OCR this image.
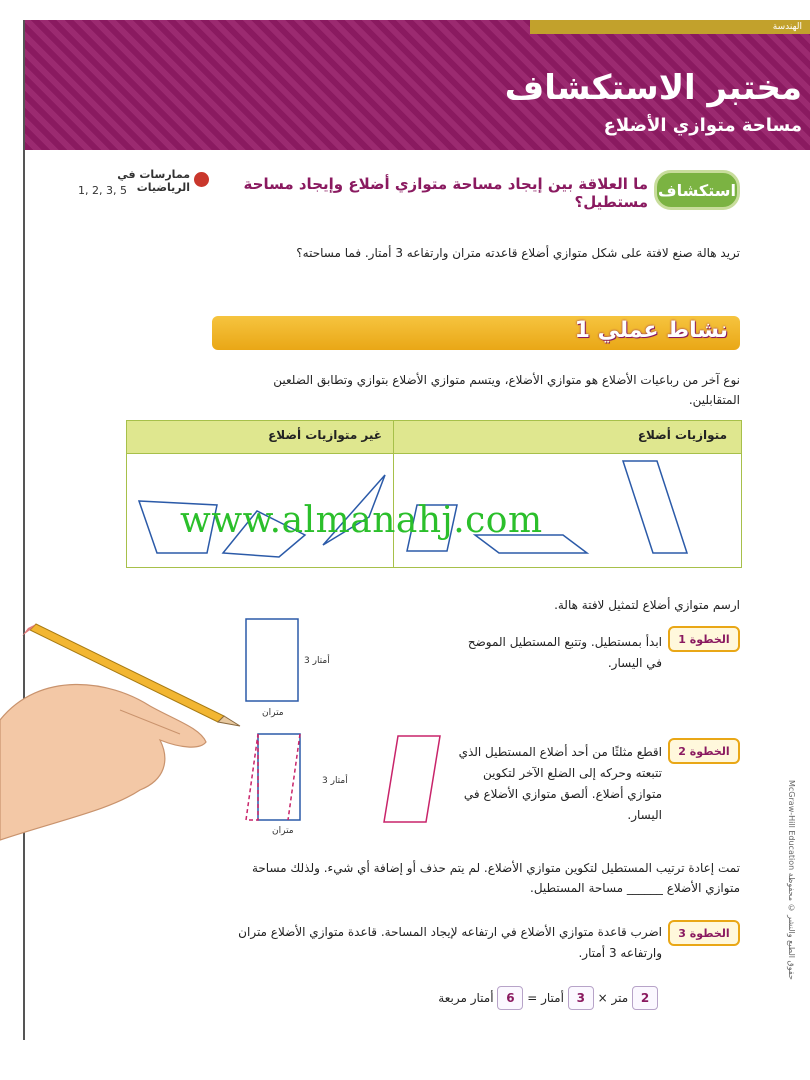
الهندسة
مختبر الاستكشاف
مساحة متوازي الأضلاع
استكشاف
ما العلاقة بين إيجاد مساحة متوازي أضلاع وإيجاد مساحة مستطيل؟
ممارسات في الرياضيات
1, 2, 3, 5
تريد هالة صنع لافتة على شكل متوازي أضلاع قاعدته متران وارتفاعه 3 أمتار. فما مساحته؟
نشاط عملي 1
نوع آخر من رباعيات الأضلاع هو متوازي الأضلاع، ويتسم متوازي الأضلاع بتوازي وتطابق الضلعين المتقابلين.
متوازيات أضلاع
غير متوازيات أضلاع
www.almanahj.com
ارسم متوازي أضلاع لتمثيل لافتة هالة.
الخطوة 1
ابدأ بمستطيل. وتتبع المستطيل الموضح في اليسار.
3 أمتار
متران
الخطوة 2
اقطع مثلثًا من أحد أضلاع المستطيل الذي تتبعته وحركه إلى الضلع الآخر لتكوين متوازي أضلاع. ألصق متوازي الأضلاع في اليسار.
3 أمتار
متران
تمت إعادة ترتيب المستطيل لتكوين متوازي الأضلاع. لم يتم حذف أو إضافة أي شيء. ولذلك مساحة متوازي الأضلاع ______ مساحة المستطيل.
الخطوة 3
اضرب قاعدة متوازي الأضلاع في ارتفاعه لإيجاد المساحة. قاعدة متوازي الأضلاع متران وارتفاعه 3 أمتار.
2 متر × 3 أمتار = 6 أمتار مربعة
McGraw-Hill Education حقوق الطبع والنشر © محفوظة
